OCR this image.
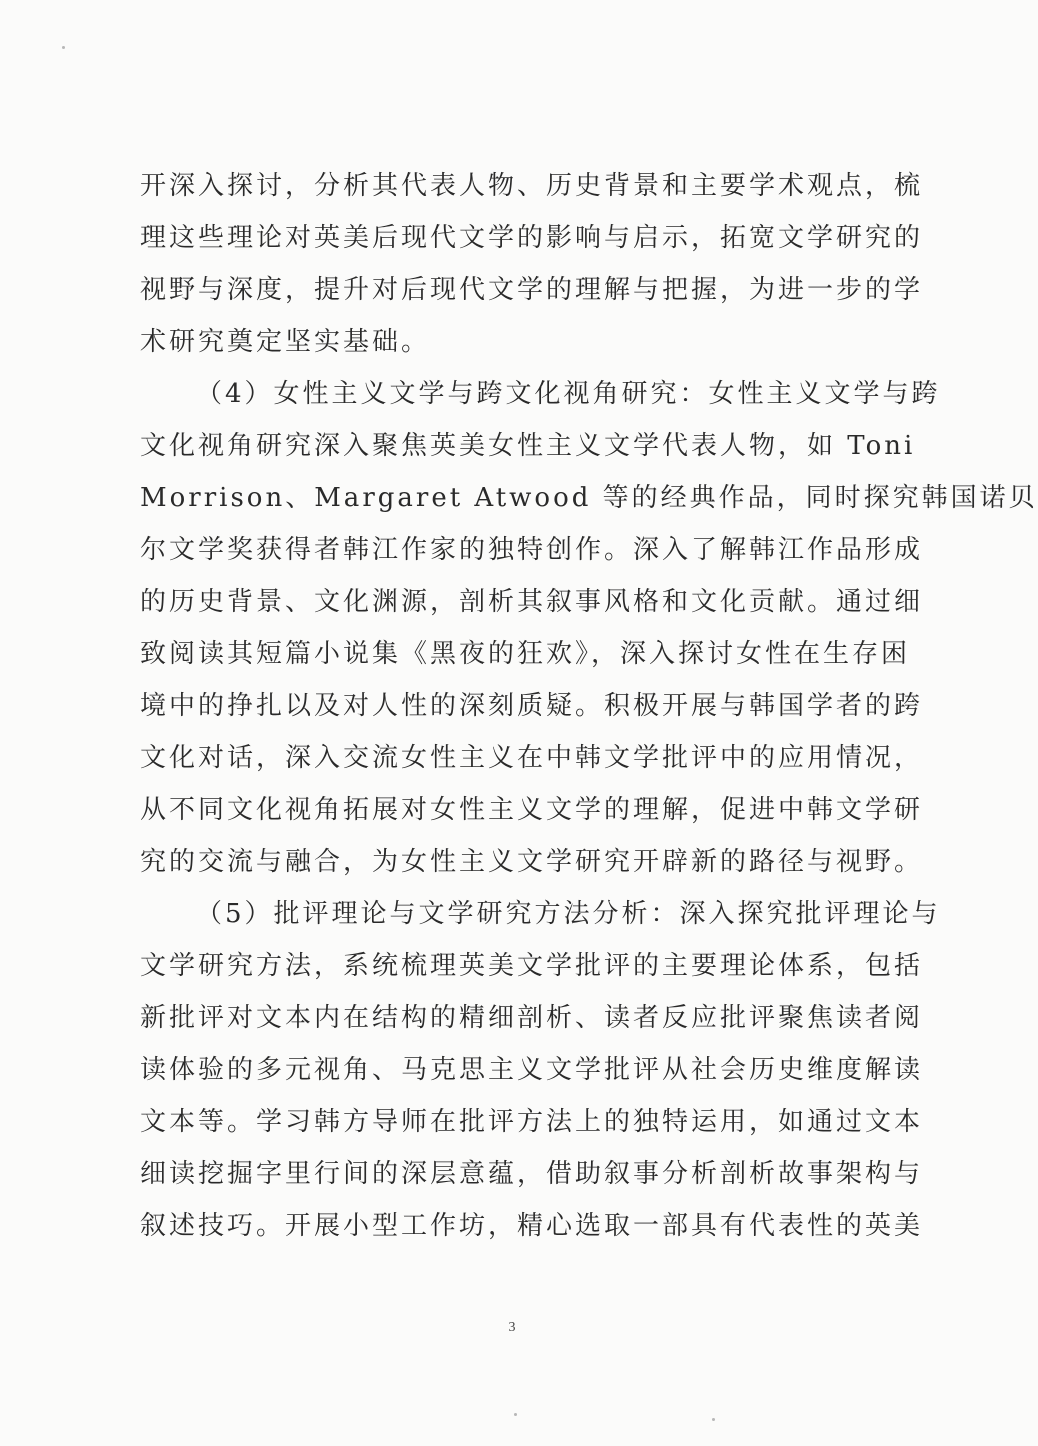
开深入探讨，分析其代表人物、历史背景和主要学术观点，梳
理这些理论对英美后现代文学的影响与启示，拓宽文学研究的
视野与深度，提升对后现代文学的理解与把握，为进一步的学
术研究奠定坚实基础。
（4）女性主义文学与跨文化视角研究：女性主义文学与跨
文化视角研究深入聚焦英美女性主义文学代表人物，如 Toni
Morrison、Margaret Atwood 等的经典作品，同时探究韩国诺贝
尔文学奖获得者韩江作家的独特创作。深入了解韩江作品形成
的历史背景、文化渊源，剖析其叙事风格和文化贡献。通过细
致阅读其短篇小说集《黑夜的狂欢》，深入探讨女性在生存困
境中的挣扎以及对人性的深刻质疑。积极开展与韩国学者的跨
文化对话，深入交流女性主义在中韩文学批评中的应用情况，
从不同文化视角拓展对女性主义文学的理解，促进中韩文学研
究的交流与融合，为女性主义文学研究开辟新的路径与视野。
（5）批评理论与文学研究方法分析：深入探究批评理论与
文学研究方法，系统梳理英美文学批评的主要理论体系，包括
新批评对文本内在结构的精细剖析、读者反应批评聚焦读者阅
读体验的多元视角、马克思主义文学批评从社会历史维度解读
文本等。学习韩方导师在批评方法上的独特运用，如通过文本
细读挖掘字里行间的深层意蕴，借助叙事分析剖析故事架构与
叙述技巧。开展小型工作坊，精心选取一部具有代表性的英美
3
